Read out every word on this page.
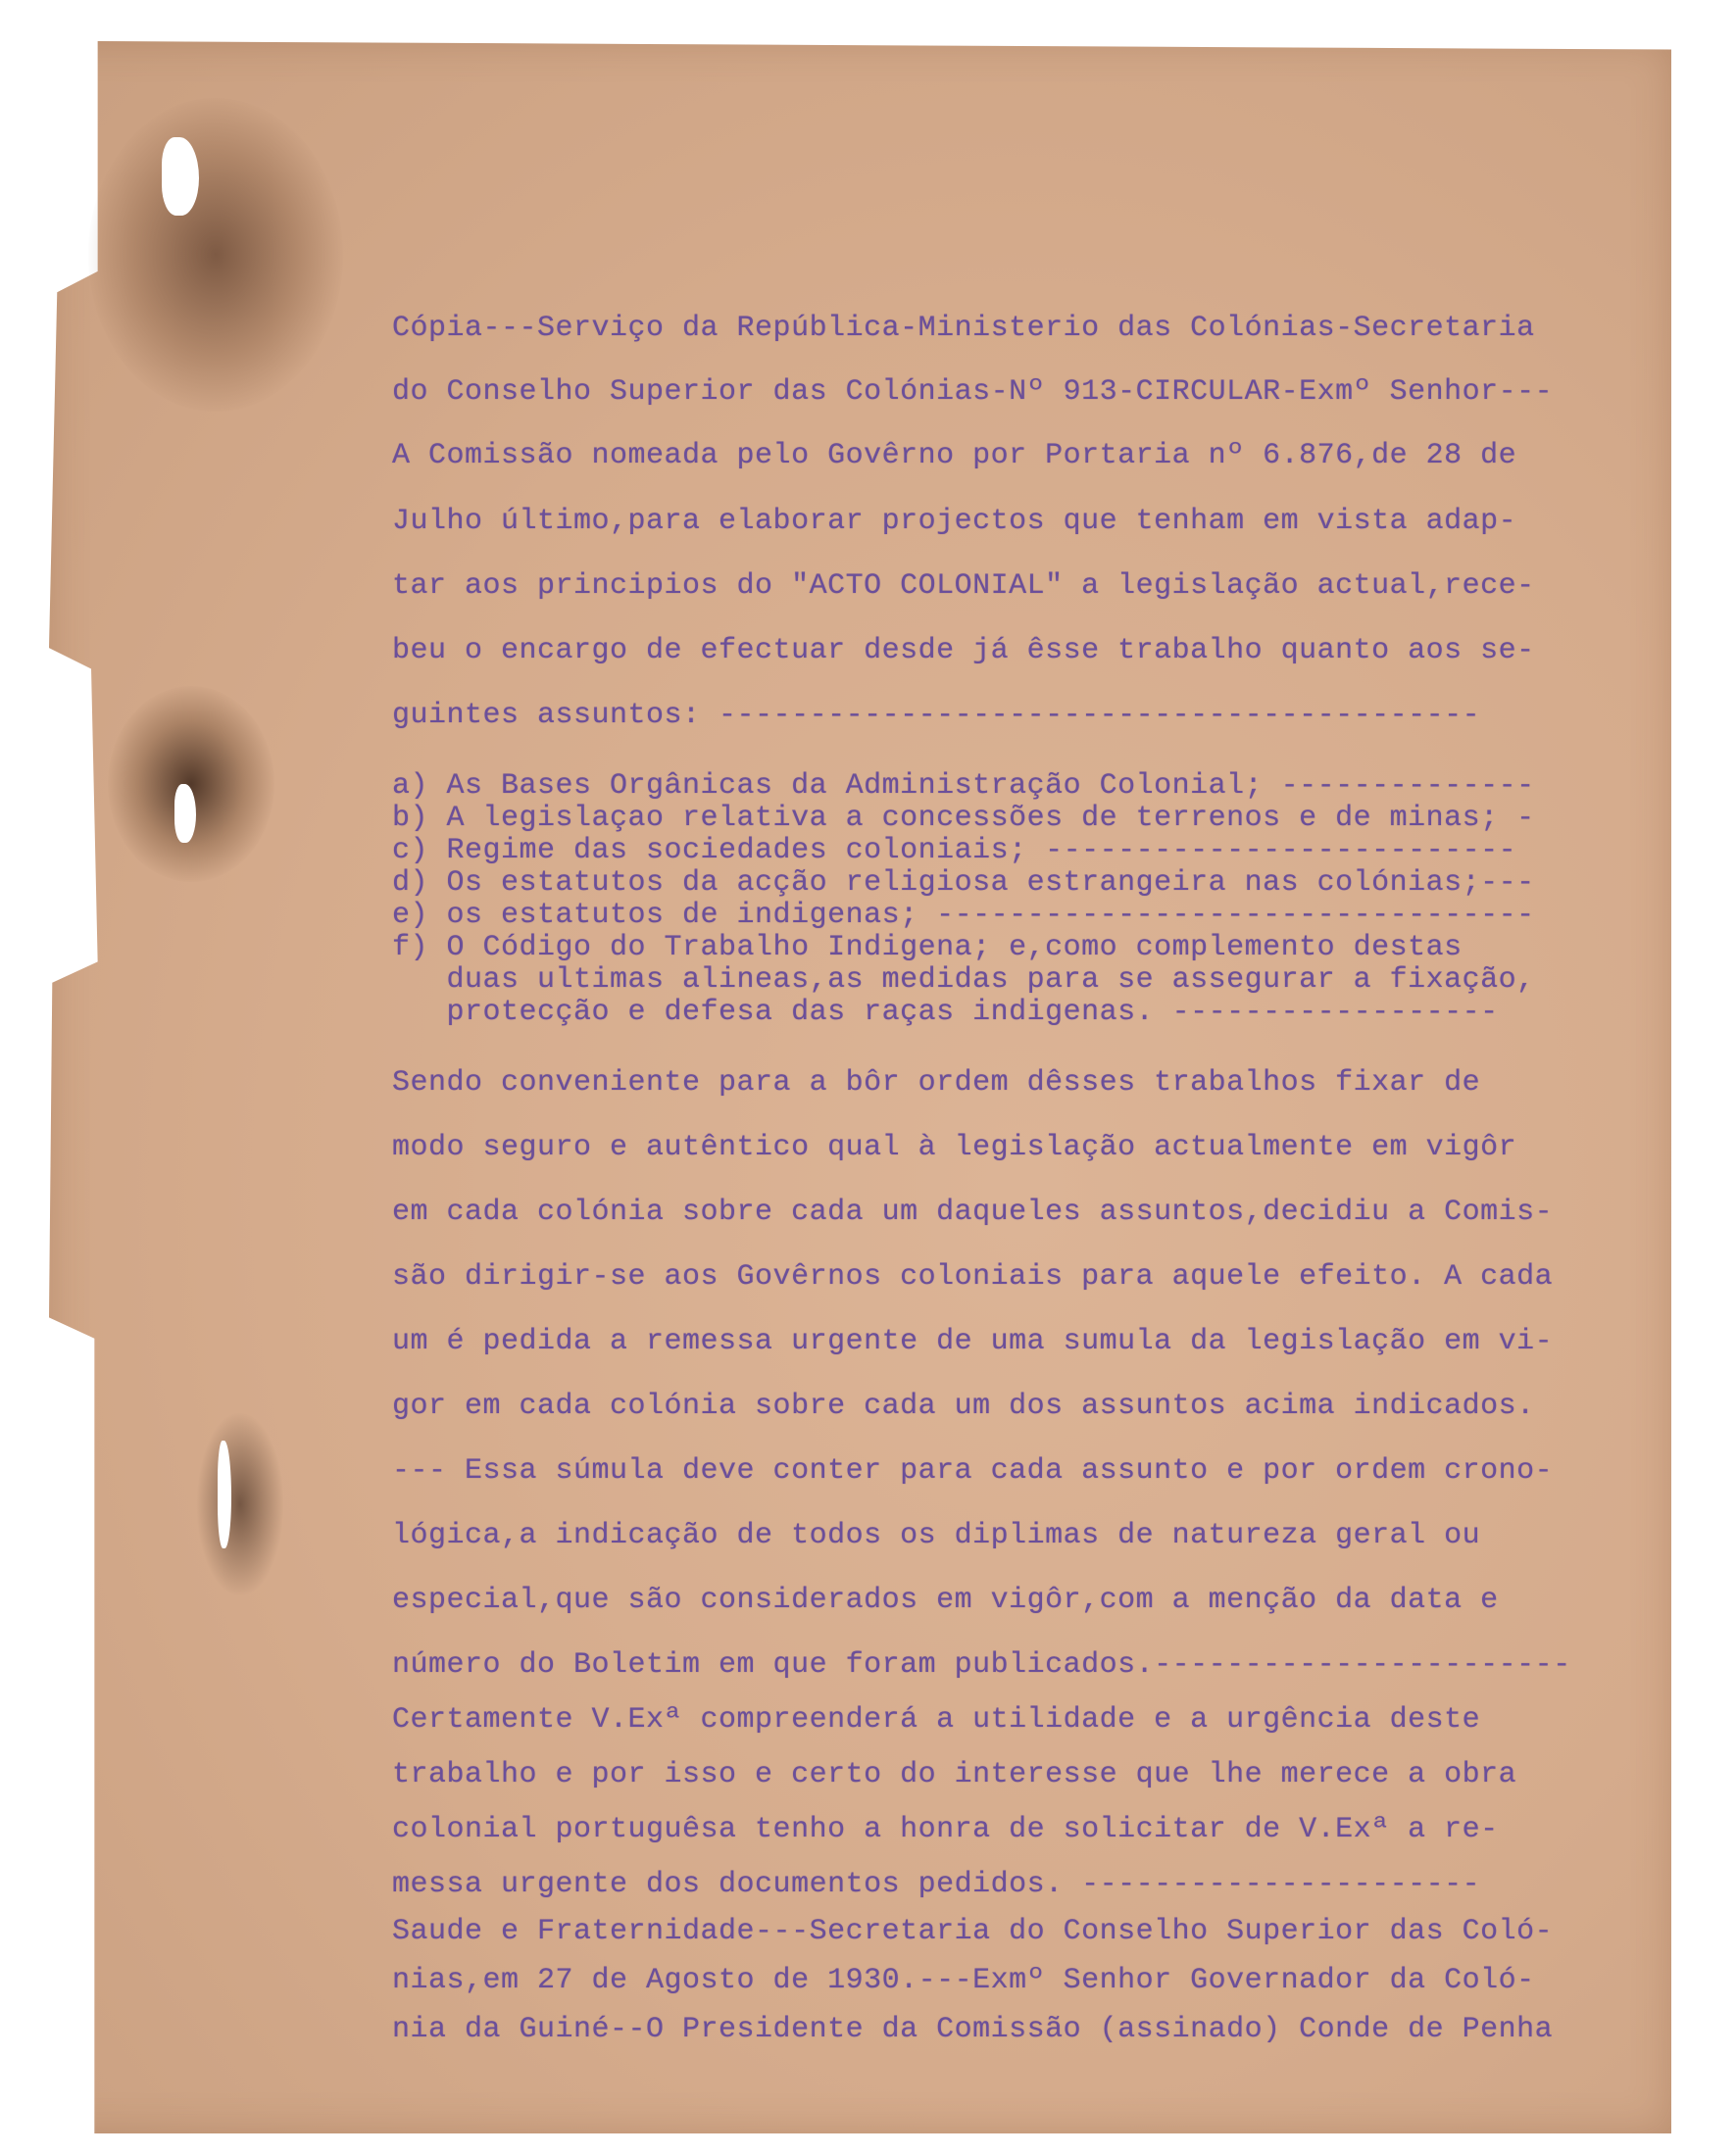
Cópia---Serviço da República-Ministerio das Colónias-Secretaria
do Conselho Superior das Colónias-Nº 913-CIRCULAR-Exmº Senhor---
A Comissão nomeada pelo Govêrno por Portaria nº 6.876,de 28 de
Julho último,para elaborar projectos que tenham em vista adap-
tar aos principios do "ACTO COLONIAL" a legislação actual,rece-
beu o encargo de efectuar desde já êsse trabalho quanto aos se-
guintes assuntos: ------------------------------------------
a) As Bases Orgânicas da Administração Colonial; --------------
b) A legislaçao relativa a concessões de terrenos e de minas; -
c) Regime das sociedades coloniais; --------------------------
d) Os estatutos da acção religiosa estrangeira nas colónias;---
e) os estatutos de indigenas; ---------------------------------
f) O Código do Trabalho Indigena; e,como complemento destas
duas ultimas alineas,as medidas para se assegurar a fixação,
protecção e defesa das raças indigenas. ------------------
Sendo conveniente para a bôr ordem dêsses trabalhos fixar de
modo seguro e autêntico qual à legislação actualmente em vigôr
em cada colónia sobre cada um daqueles assuntos,decidiu a Comis-
são dirigir-se aos Govêrnos coloniais para aquele efeito. A cada
um é pedida a remessa urgente de uma sumula da legislação em vi-
gor em cada colónia sobre cada um dos assuntos acima indicados.
--- Essa súmula deve conter para cada assunto e por ordem crono-
lógica,a indicação de todos os diplimas de natureza geral ou
especial,que são considerados em vigôr,com a menção da data e
número do Boletim em que foram publicados.-----------------------
Certamente V.Exª compreenderá a utilidade e a urgência deste
trabalho e por isso e certo do interesse que lhe merece a obra
colonial portuguêsa tenho a honra de solicitar de V.Exª a re-
messa urgente dos documentos pedidos. ----------------------
Saude e Fraternidade---Secretaria do Conselho Superior das Coló-
nias,em 27 de Agosto de 1930.---Exmº Senhor Governador da Coló-
nia da Guiné--O Presidente da Comissão (assinado) Conde de Penha
